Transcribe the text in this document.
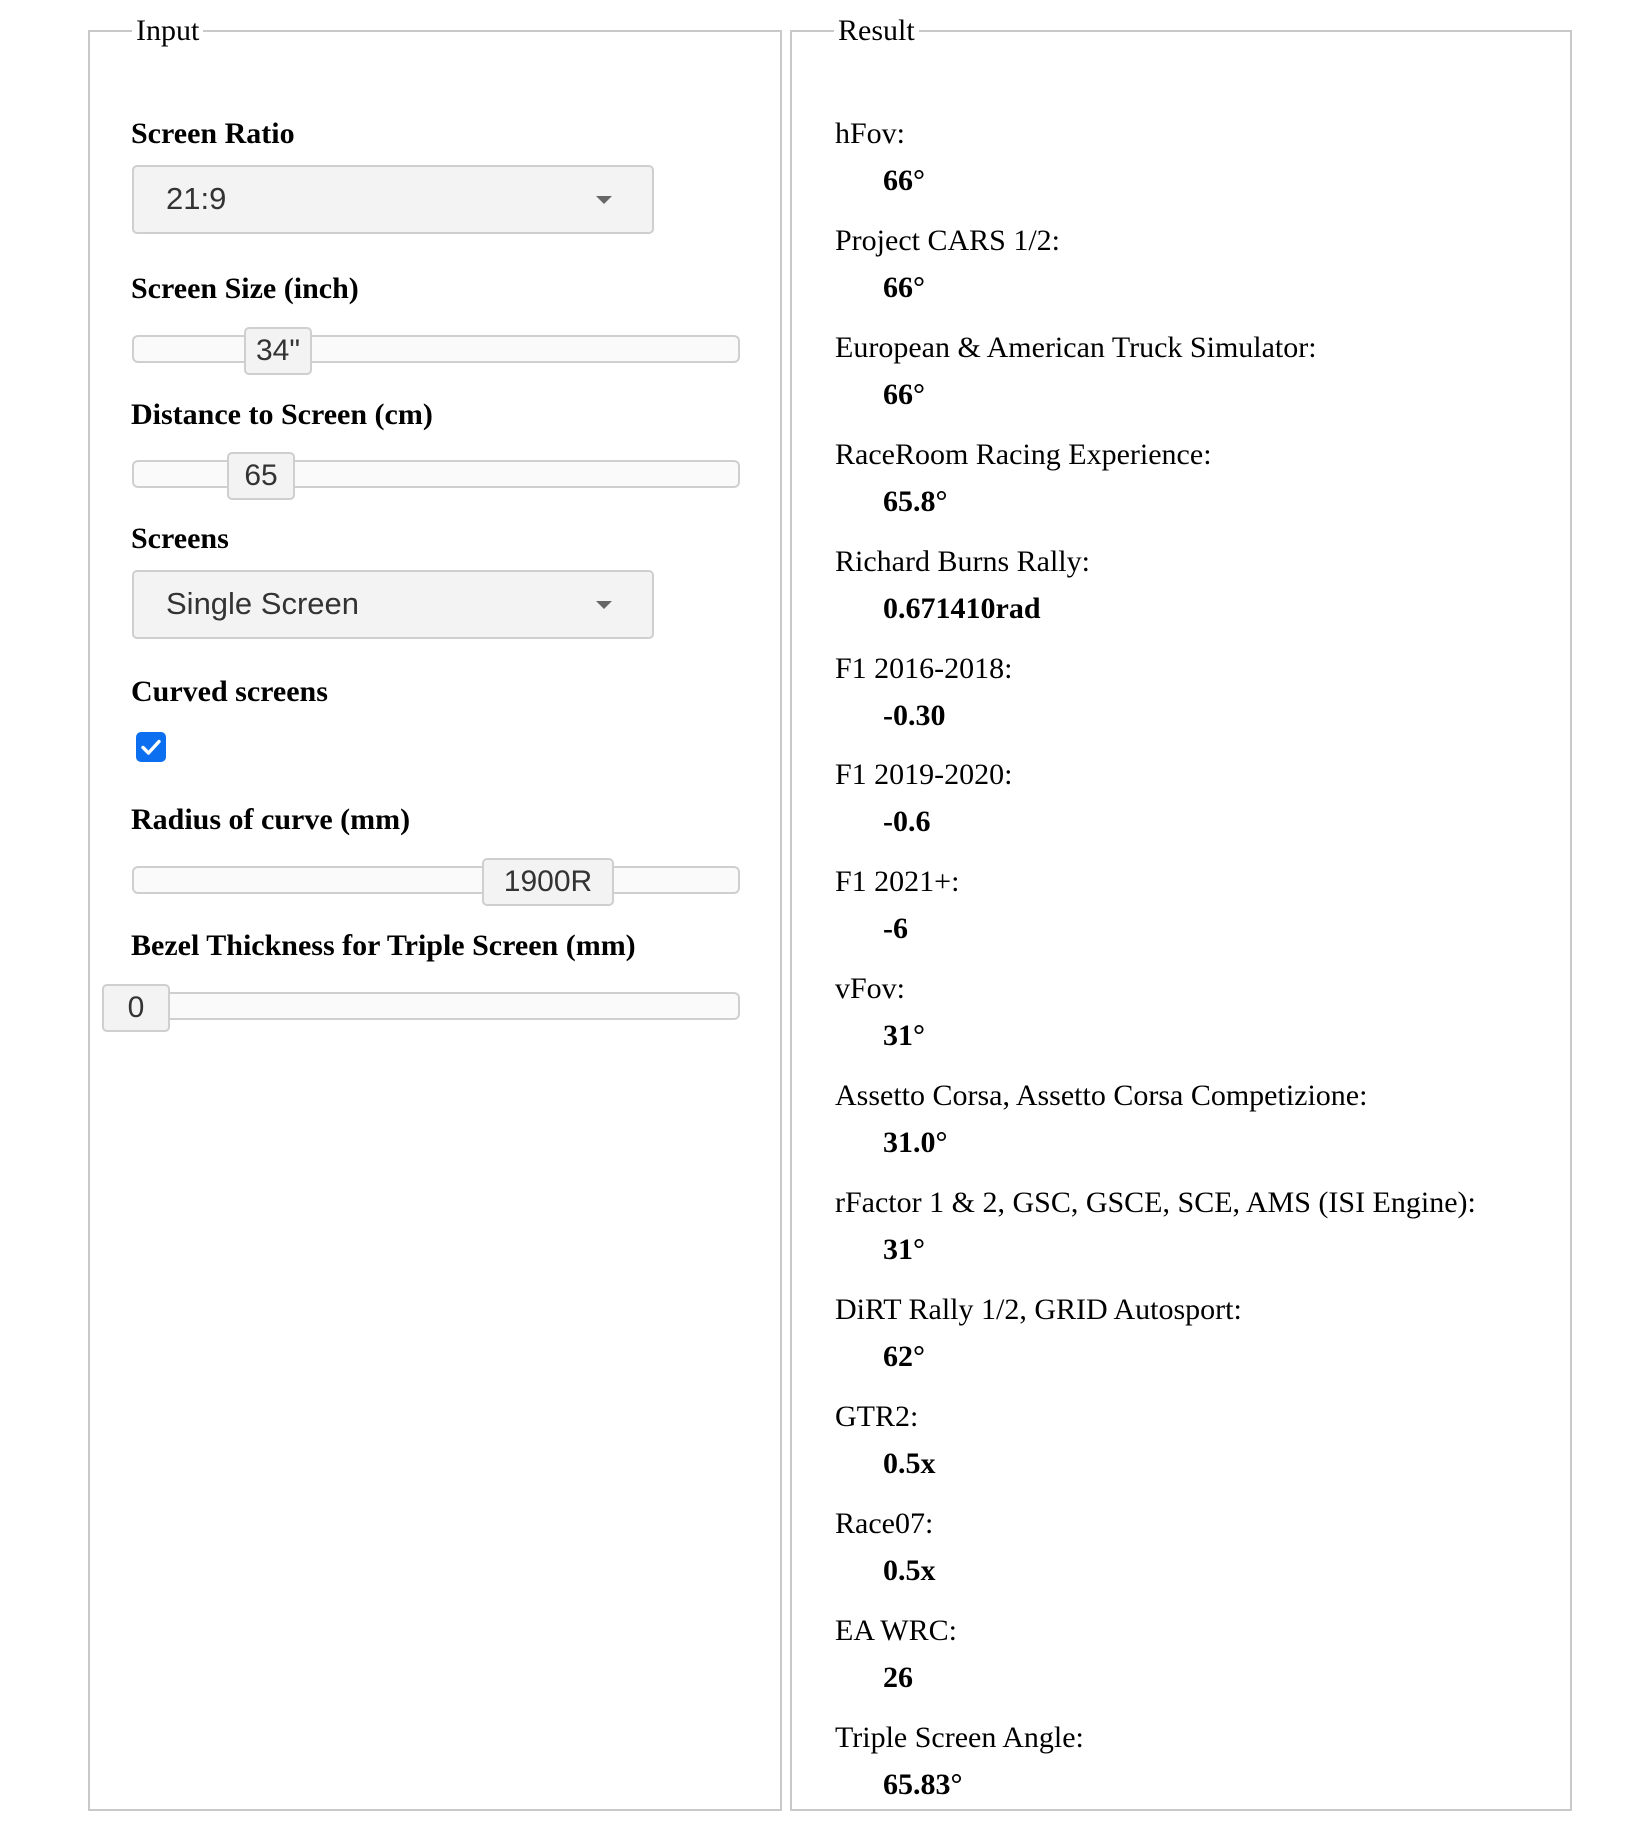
Input
Screen Ratio
21:9
Screen Size (inch)
34"
Distance to Screen (cm)
65
Screens
Single Screen
Curved screens
Radius of curve (mm)
1900R
Bezel Thickness for Triple Screen (mm)
0
Result
hFov:
66°
Project CARS 1/2:
66°
European & American Truck Simulator:
66°
RaceRoom Racing Experience:
65.8°
Richard Burns Rally:
0.671410rad
F1 2016-2018:
-0.30
F1 2019-2020:
-0.6
F1 2021+:
-6
vFov:
31°
Assetto Corsa, Assetto Corsa Competizione:
31.0°
rFactor 1 & 2, GSC, GSCE, SCE, AMS (ISI Engine):
31°
DiRT Rally 1/2, GRID Autosport:
62°
GTR2:
0.5x
Race07:
0.5x
EA WRC:
26
Triple Screen Angle:
65.83°
